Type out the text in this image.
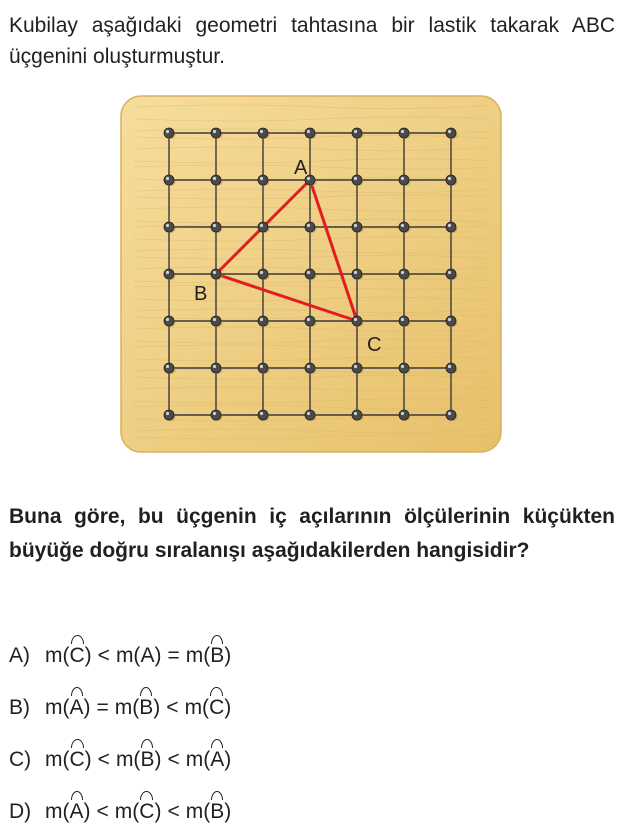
Kubilay aşağıdaki geometri tahtasına bir lastik takarak ABC üçgenini oluşturmuştur.
A
B
C
Buna göre, bu üçgenin iç açılarının ölçülerinin küçükten büyüğe doğru sıralanışı aşağıdakilerden hangisidir?
A) m( C ) < m( A ) = m( B )
B) m( A ) = m( B ) < m( C )
C) m( C ) < m( B ) < m( A )
D) m( A ) < m( C ) < m( B )
